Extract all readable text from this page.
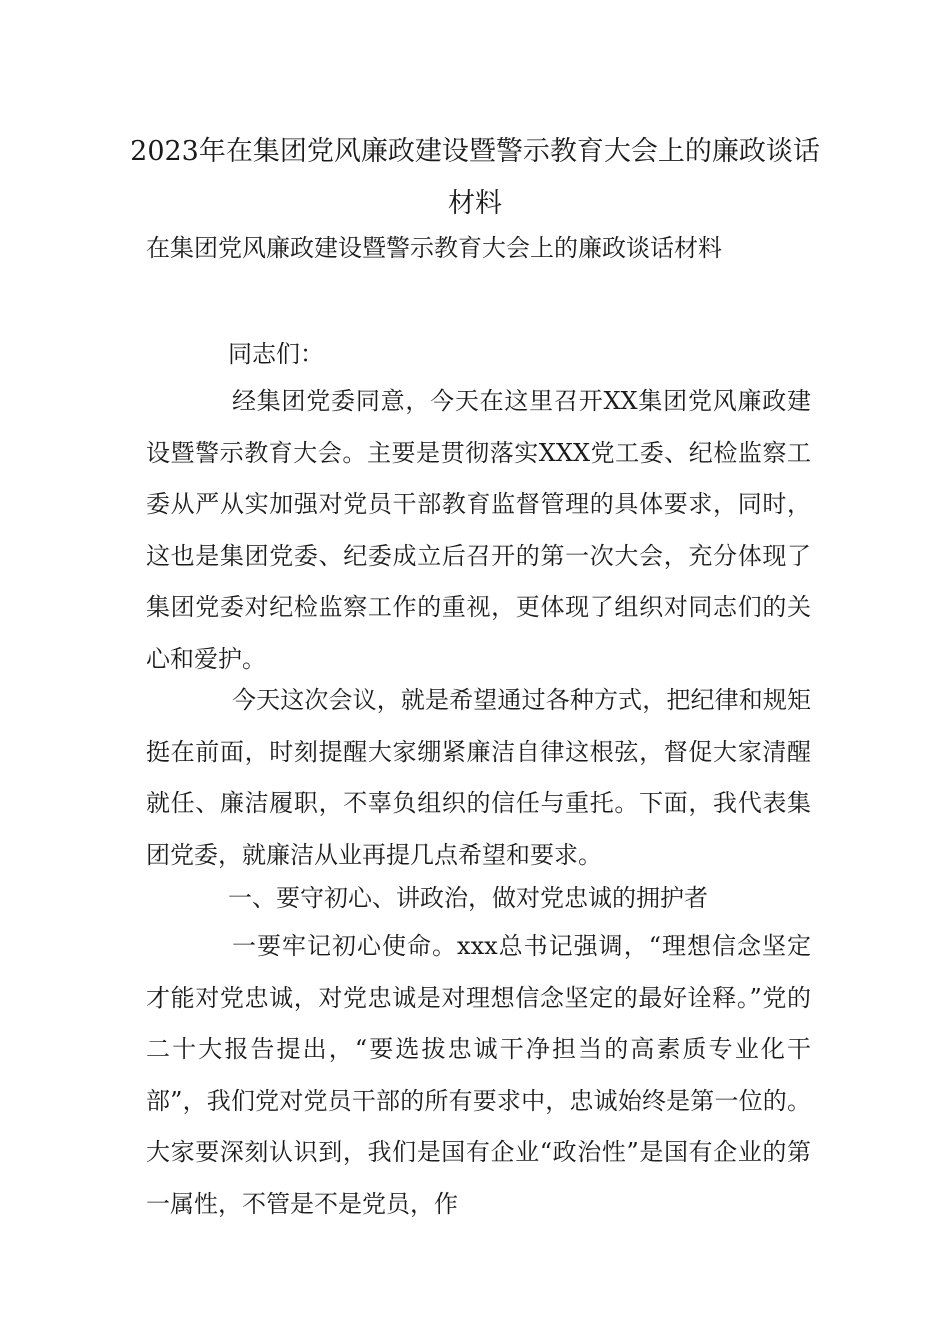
2023年在集团党风廉政建设暨警示教育大会上的廉政谈话
材料
在集团党风廉政建设暨警示教育大会上的廉政谈话材料
同志们：
经集团党委同意，今天在这里召开XX集团党风廉政建设暨警示教育大会。主要是贯彻落实XXX党工委、纪检监察工委从严从实加强对党员干部教育监督管理的具体要求，同时，这也是集团党委、纪委成立后召开的第一次大会，充分体现了集团党委对纪检监察工作的重视，更体现了组织对同志们的关心和爱护。
今天这次会议，就是希望通过各种方式，把纪律和规矩挺在前面，时刻提醒大家绷紧廉洁自律这根弦，督促大家清醒就任、廉洁履职，不辜负组织的信任与重托。下面，我代表集团党委，就廉洁从业再提几点希望和要求。
一、要守初心、讲政治，做对党忠诚的拥护者
一要牢记初心使命。xxx总书记强调，“理想信念坚定才能对党忠诚，对党忠诚是对理想信念坚定的最好诠释。”党的二十大报告提出，“要选拔忠诚干净担当的高素质专业化干部”，我们党对党员干部的所有要求中，忠诚始终是第一位的。大家要深刻认识到，我们是国有企业“政治性”是国有企业的第一属性，不管是不是党员，作
